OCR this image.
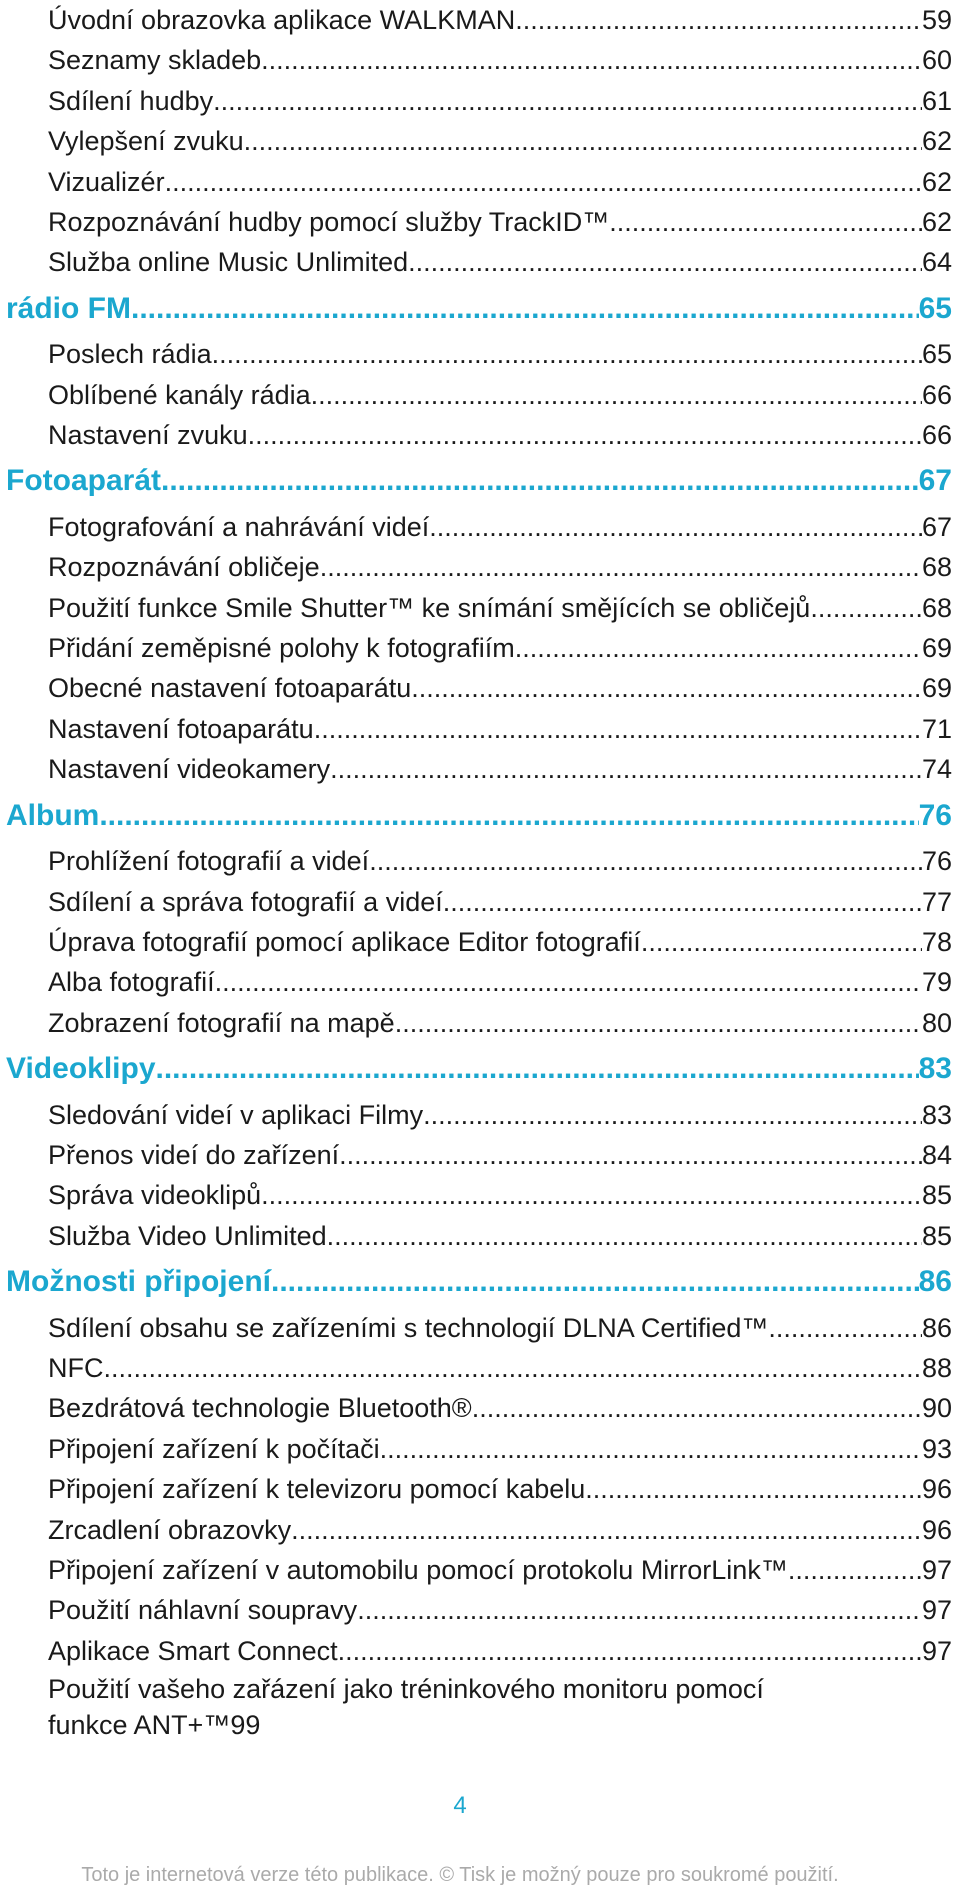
Úvodní obrazovka aplikace WALKMAN .....	59
Seznamy skladeb .....	60
Sdílení hudby .....	61
Vylepšení zvuku .....	62
Vizualizér .....	62
Rozpoznávání hudby pomocí služby TrackID™ .....	62
Služba online Music Unlimited .....	64
rádio FM .....	65
Poslech rádia .....	65
Oblíbené kanály rádia .....	66
Nastavení zvuku .....	66
Fotoaparát .....	67
Fotografování a nahrávání videí .....	67
Rozpoznávání obličeje .....	68
Použití funkce Smile Shutter™ ke snímání smějících se obličejů .....	68
Přidání zeměpisné polohy k fotografiím .....	69
Obecné nastavení fotoaparátu .....	69
Nastavení fotoaparátu .....	71
Nastavení videokamery .....	74
Album .....	76
Prohlížení fotografií a videí .....	76
Sdílení a správa fotografií a videí .....	77
Úprava fotografií pomocí aplikace Editor fotografií .....	78
Alba fotografií .....	79
Zobrazení fotografií na mapě .....	80
Videoklipy .....	83
Sledování videí v aplikaci Filmy .....	83
Přenos videí do zařízení .....	84
Správa videoklipů .....	85
Služba Video Unlimited .....	85
Možnosti připojení .....	86
Sdílení obsahu se zařízeními s technologií DLNA Certified™ .....	86
NFC .....	88
Bezdrátová technologie Bluetooth® .....	90
Připojení zařízení k počítači .....	93
Připojení zařízení k televizoru pomocí kabelu .....	96
Zrcadlení obrazovky .....	96
Připojení zařízení v automobilu pomocí protokolu MirrorLink™ .....	97
Použití náhlavní soupravy .....	97
Aplikace Smart Connect .....	97
Použití vašeho zařázení jako tréninkového monitoru pomocí
funkce ANT+™ 99
4
Toto je internetová verze této publikace. © Tisk je možný pouze pro soukromé použití.
